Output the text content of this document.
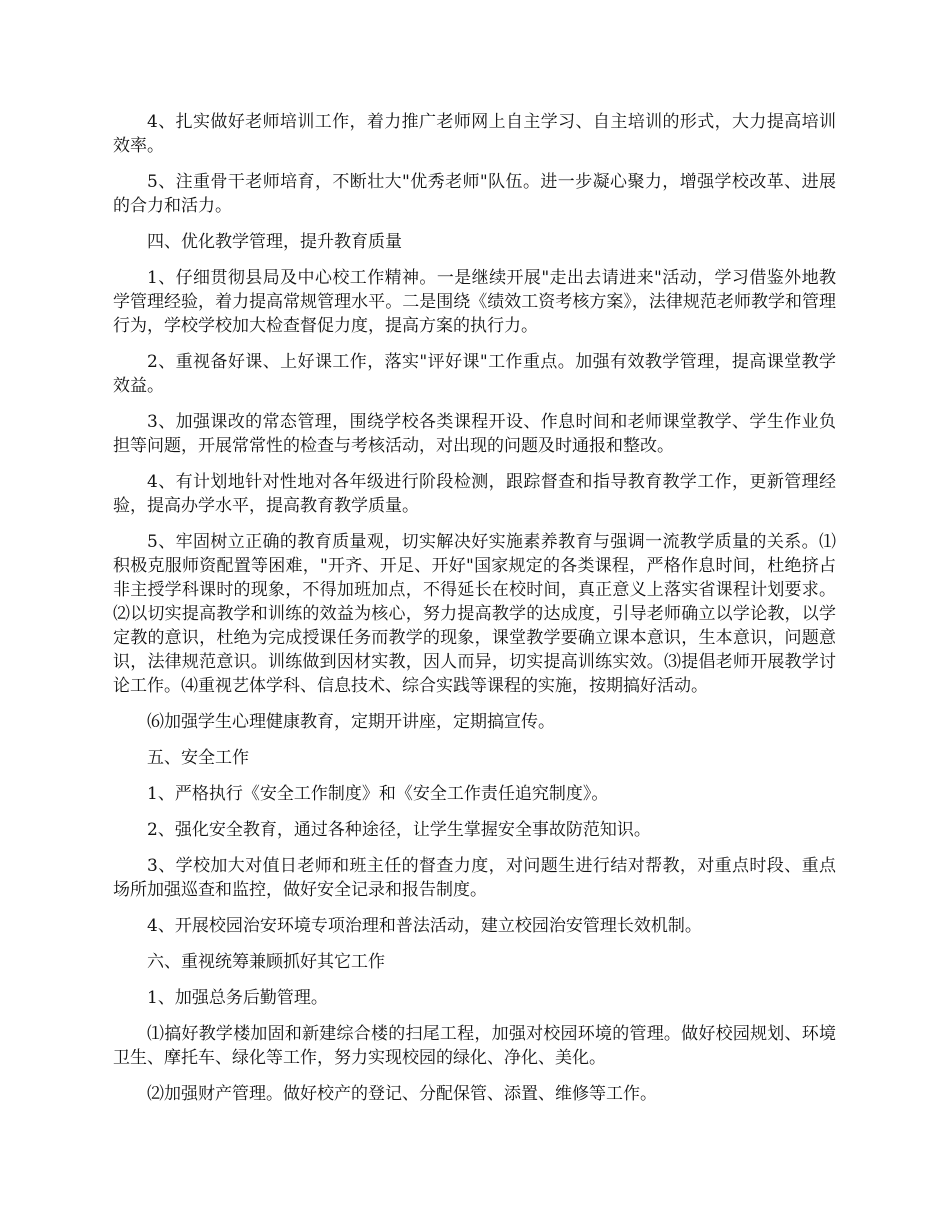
4、扎实做好老师培训工作，着力推广老师网上自主学习、自主培训的形式，大力提高培训效率。

5、注重骨干老师培育，不断壮大"优秀老师"队伍。进一步凝心聚力，增强学校改革、进展的合力和活力。

四、优化教学管理，提升教育质量

1、仔细贯彻县局及中心校工作精神。一是继续开展"走出去请进来"活动，学习借鉴外地教学管理经验，着力提高常规管理水平。二是围绕《绩效工资考核方案》，法律规范老师教学和管理行为，学校学校加大检查督促力度，提高方案的执行力。

2、重视备好课、上好课工作，落实"评好课"工作重点。加强有效教学管理，提高课堂教学效益。

3、加强课改的常态管理，围绕学校各类课程开设、作息时间和老师课堂教学、学生作业负担等问题，开展常常性的检查与考核活动，对出现的问题及时通报和整改。

4、有计划地针对性地对各年级进行阶段检测，跟踪督查和指导教育教学工作，更新管理经验，提高办学水平，提高教育教学质量。

5、牢固树立正确的教育质量观，切实解决好实施素养教育与强调一流教学质量的关系。⑴积极克服师资配置等困难，"开齐、开足、开好"国家规定的各类课程，严格作息时间，杜绝挤占非主授学科课时的现象，不得加班加点，不得延长在校时间，真正意义上落实省课程计划要求。⑵以切实提高教学和训练的效益为核心，努力提高教学的达成度，引导老师确立以学论教，以学定教的意识，杜绝为完成授课任务而教学的现象，课堂教学要确立课本意识，生本意识，问题意识，法律规范意识。训练做到因材实教，因人而异，切实提高训练实效。⑶提倡老师开展教学讨论工作。⑷重视艺体学科、信息技术、综合实践等课程的实施，按期搞好活动。

⑹加强学生心理健康教育，定期开讲座，定期搞宣传。

五、安全工作

1、严格执行《安全工作制度》和《安全工作责任追究制度》。

2、强化安全教育，通过各种途径，让学生掌握安全事故防范知识。

3、学校加大对值日老师和班主任的督查力度，对问题生进行结对帮教，对重点时段、重点场所加强巡查和监控，做好安全记录和报告制度。

4、开展校园治安环境专项治理和普法活动，建立校园治安管理长效机制。

六、重视统筹兼顾抓好其它工作

1、加强总务后勤管理。

⑴搞好教学楼加固和新建综合楼的扫尾工程，加强对校园环境的管理。做好校园规划、环境卫生、摩托车、绿化等工作，努力实现校园的绿化、净化、美化。

⑵加强财产管理。做好校产的登记、分配保管、添置、维修等工作。
